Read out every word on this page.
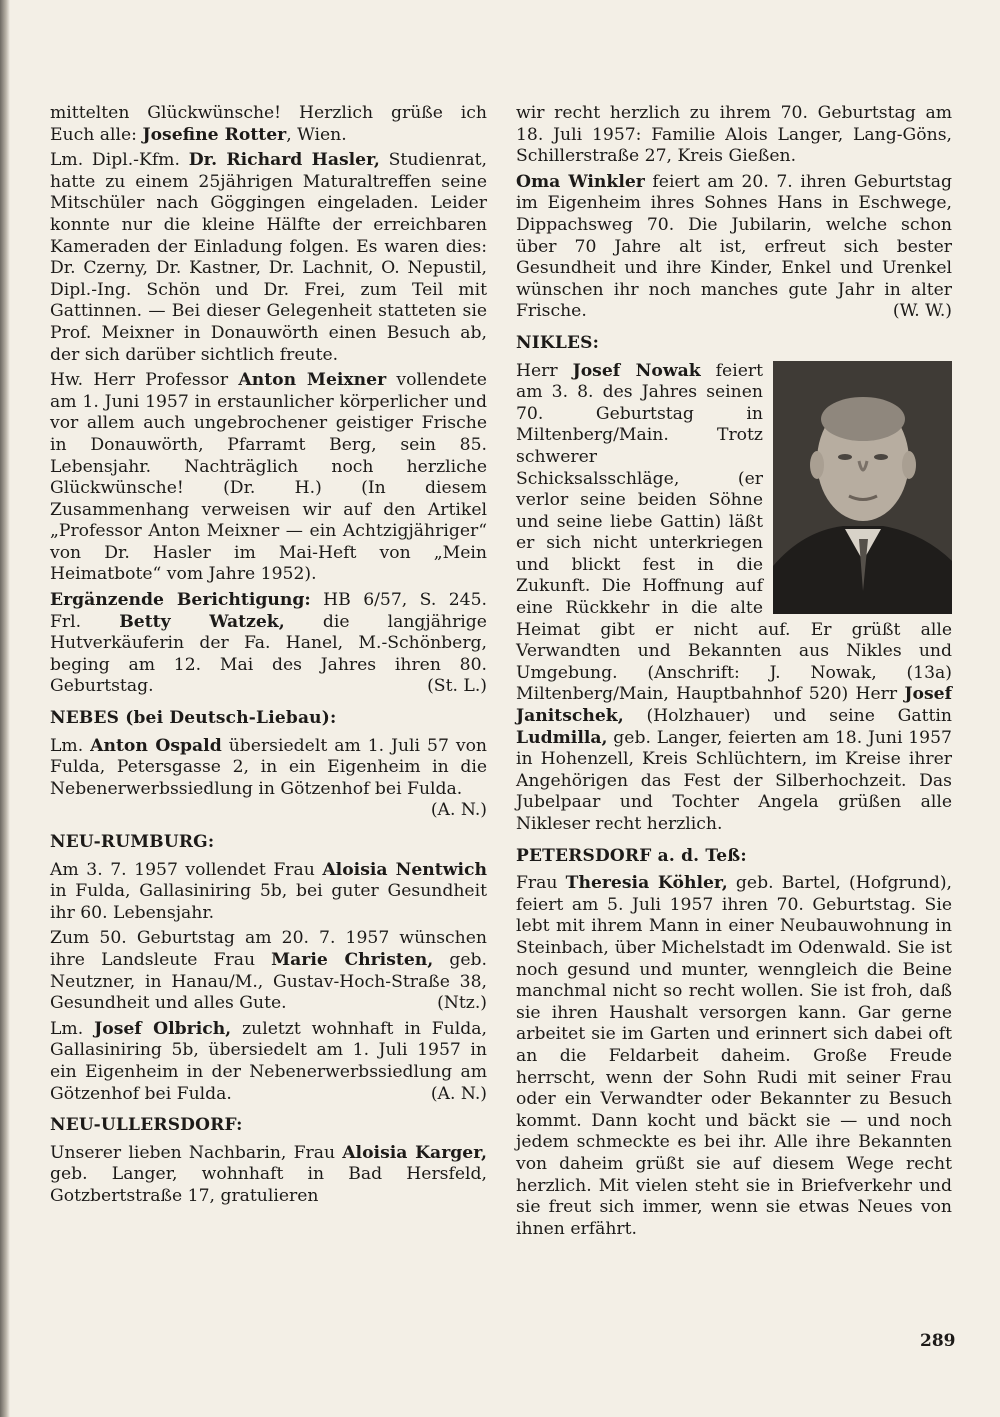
mittelten Glückwünsche! Herzlich grüße ich Euch alle: Josefine Rotter, Wien.

Lm. Dipl.-Kfm. Dr. Richard Hasler, Studienrat, hatte zu einem 25jährigen Maturaltreffen seine Mitschüler nach Göggingen eingeladen. Leider konnte nur die kleine Hälfte der erreichbaren Kameraden der Einladung folgen. Es waren dies: Dr. Czerny, Dr. Kastner, Dr. Lachnit, O. Nepustil, Dipl.-Ing. Schön und Dr. Frei, zum Teil mit Gattinnen. — Bei dieser Gelegenheit statteten sie Prof. Meixner in Donauwörth einen Besuch ab, der sich darüber sichtlich freute.

Hw. Herr Professor Anton Meixner vollendete am 1. Juni 1957 in erstaunlicher körperlicher und vor allem auch ungebrochener geistiger Frische in Donauwörth, Pfarramt Berg, sein 85. Lebensjahr. Nachträglich noch herzliche Glückwünsche! (Dr. H.) (In diesem Zusammenhang verweisen wir auf den Artikel „Professor Anton Meixner — ein Achtzigjähriger“ von Dr. Hasler im Mai-Heft von „Mein Heimatbote“ vom Jahre 1952).

Ergänzende Berichtigung: HB 6/57, S. 245. Frl. Betty Watzek, die langjährige Hutverkäuferin der Fa. Hanel, M.-Schönberg, beging am 12. Mai des Jahres ihren 80. Geburtstag.	(St. L.)

NEBES (bei Deutsch-Liebau):

Lm. Anton Ospald übersiedelt am 1. Juli 57 von Fulda, Petersgasse 2, in ein Eigenheim in die Nebenerwerbssiedlung in Götzenhof bei Fulda.
(A. N.)

NEU-RUMBURG:

Am 3. 7. 1957 vollendet Frau Aloisia Nentwich in Fulda, Gallasiniring 5b, bei guter Gesundheit ihr 60. Lebensjahr.

Zum 50. Geburtstag am 20. 7. 1957 wünschen ihre Landsleute Frau Marie Christen, geb. Neutzner, in Hanau/M., Gustav-Hoch-Straße 38, Gesundheit und alles Gute.	(Ntz.)

Lm. Josef Olbrich, zuletzt wohnhaft in Fulda, Gallasiniring 5b, übersiedelt am 1. Juli 1957 in ein Eigenheim in der Nebenerwerbssiedlung am Götzenhof bei Fulda.	(A. N.)

NEU-ULLERSDORF:

Unserer lieben Nachbarin, Frau Aloisia Karger, geb. Langer, wohnhaft in Bad Hersfeld, Gotzbertstraße 17, gratulieren

wir recht herzlich zu ihrem 70. Geburtstag am 18. Juli 1957: Familie Alois Langer, Lang-Göns, Schillerstraße 27, Kreis Gießen.

Oma Winkler feiert am 20. 7. ihren Geburtstag im Eigenheim ihres Sohnes Hans in Eschwege, Dippachsweg 70. Die Jubilarin, welche schon über 70 Jahre alt ist, erfreut sich bester Gesundheit und ihre Kinder, Enkel und Urenkel wünschen ihr noch manches gute Jahr in alter Frische.	(W. W.)

NIKLES:

Herr Josef Nowak feiert am 3. 8. des Jahres seinen 70. Geburtstag in Miltenberg/Main. Trotz schwerer Schicksalsschläge, (er verlor seine beiden Söhne und seine liebe Gattin) läßt er sich nicht unterkriegen und blickt fest in die Zukunft. Die Hoffnung auf eine Rückkehr in die alte Heimat gibt er nicht auf. Er grüßt alle Verwandten und Bekannten aus Nikles und Umgebung. (Anschrift: J. Nowak, (13a) Miltenberg/Main, Hauptbahnhof 520) Herr Josef Janitschek, (Holzhauer) und seine Gattin Ludmilla, geb. Langer, feierten am 18. Juni 1957 in Hohenzell, Kreis Schlüchtern, im Kreise ihrer Angehörigen das Fest der Silberhochzeit. Das Jubelpaar und Tochter Angela grüßen alle Nikleser recht herzlich.

PETERSDORF a. d. Teß:

Frau Theresia Köhler, geb. Bartel, (Hofgrund), feiert am 5. Juli 1957 ihren 70. Geburtstag. Sie lebt mit ihrem Mann in einer Neubauwohnung in Steinbach, über Michelstadt im Odenwald. Sie ist noch gesund und munter, wenngleich die Beine manchmal nicht so recht wollen. Sie ist froh, daß sie ihren Haushalt versorgen kann. Gar gerne arbeitet sie im Garten und erinnert sich dabei oft an die Feldarbeit daheim. Große Freude herrscht, wenn der Sohn Rudi mit seiner Frau oder ein Verwandter oder Bekannter zu Besuch kommt. Dann kocht und bäckt sie — und noch jedem schmeckte es bei ihr. Alle ihre Bekannten von daheim grüßt sie auf diesem Wege recht herzlich. Mit vielen steht sie in Briefverkehr und sie freut sich immer, wenn sie etwas Neues von ihnen erfährt.

289
